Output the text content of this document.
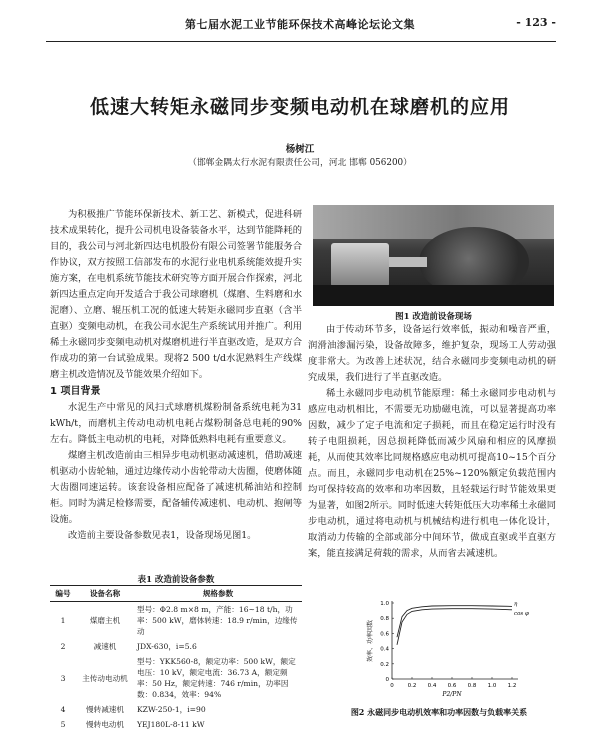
第七届水泥工业节能环保技术高峰论坛论文集	- 123 -
低速大转矩永磁同步变频电动机在球磨机的应用
杨树江
（邯郸金隅太行水泥有限责任公司，河北 邯郸 056200）

为积极推广节能环保新技术、新工艺、新模式，促进科研技术成果转化，提升公司机电设备装备水平，达到节能降耗的目的，我公司与河北新四达电机股份有限公司签署节能服务合作协议，双方按照工信部发布的水泥行业电机系统能效提升实施方案，在电机系统节能技术研究等方面开展合作探索，河北新四达重点定向开发适合于我公司球磨机（煤磨、生料磨和水泥磨）、立磨、辊压机工况的低速大转矩永磁同步直驱（含半直驱）变频电动机，在我公司水泥生产系统试用并推广。利用稀土永磁同步变频电动机对煤磨机进行半直驱改造，是双方合作成功的第一台试验成果。现将2 500 t/d水泥熟料生产线煤磨主机改造情况及节能效果介绍如下。

1 项目背景

水泥生产中常见的风扫式球磨机煤粉制备系统电耗为31 kWh/t，而磨机主传动电动机电耗占煤粉制备总电耗的90%左右。降低主电动机的电耗，对降低熟料电耗有重要意义。

煤磨主机改造前由三相异步电动机驱动减速机，借助减速机驱动小齿轮轴，通过边缘传动小齿轮带动大齿圈，使磨体随大齿圈同速运转。该套设备相应配备了减速机稀油站和控制柜。同时为满足检修需要，配备辅传减速机、电动机、抱闸等设施。

改造前主要设备参数见表1，设备现场见图1。

图1 改造前设备现场

由于传动环节多，设备运行效率低，振动和噪音严重，润滑油渗漏污染，设备故障多，维护复杂，现场工人劳动强度非常大。为改善上述状况，结合永磁同步变频电动机的研究成果，我们进行了半直驱改造。

稀土永磁同步电动机节能原理：稀土永磁同步电动机与感应电动机相比，不需要无功励磁电流，可以显著提高功率因数，减少了定子电流和定子损耗，而且在稳定运行时没有转子电阻损耗，因总损耗降低而减少风扇和相应的风摩损耗，从而使其效率比同规格感应电动机可提高10~15个百分点。而且，永磁同步电动机在25%~120%额定负载范围内均可保持较高的效率和功率因数，且轻载运行时节能效果更为显著，如图2所示。同时低速大转矩低压大功率稀土永磁同步电动机，通过将电动机与机械结构进行机电一体化设计，取消动力传输的全部或部分中间环节，做成直驱或半直驱方案，能直接满足荷载的需求，从而省去减速机。

表1 改造前设备参数
编号	设备名称	规格参数
1	煤磨主机	型号：Φ2.8 m×8 m，产能：16~18 t/h，功率：500 kW，磨体转速：18.9 r/min，边缘传动
2	减速机	JDX-630，i=5.6
3	主传动电动机	型号：YKK560-8，额定功率：500 kW，额定电压：10 kV，额定电流：36.73 A，额定频率：50 Hz，额定转速：746 r/min，功率因数：0.834，效率：94%
4	慢转减速机	KZW-250-1，i=90
5	慢转电动机	YEJ180L-8-11 kW
0	0.2 0.4 0.6 0.8 1.0 1.2
0
0.2
0.4
0.6
0.8
1.0
P2/PN
效率、功率因数
η
cos φ
图2 永磁同步电动机效率和功率因数与负载率关系
